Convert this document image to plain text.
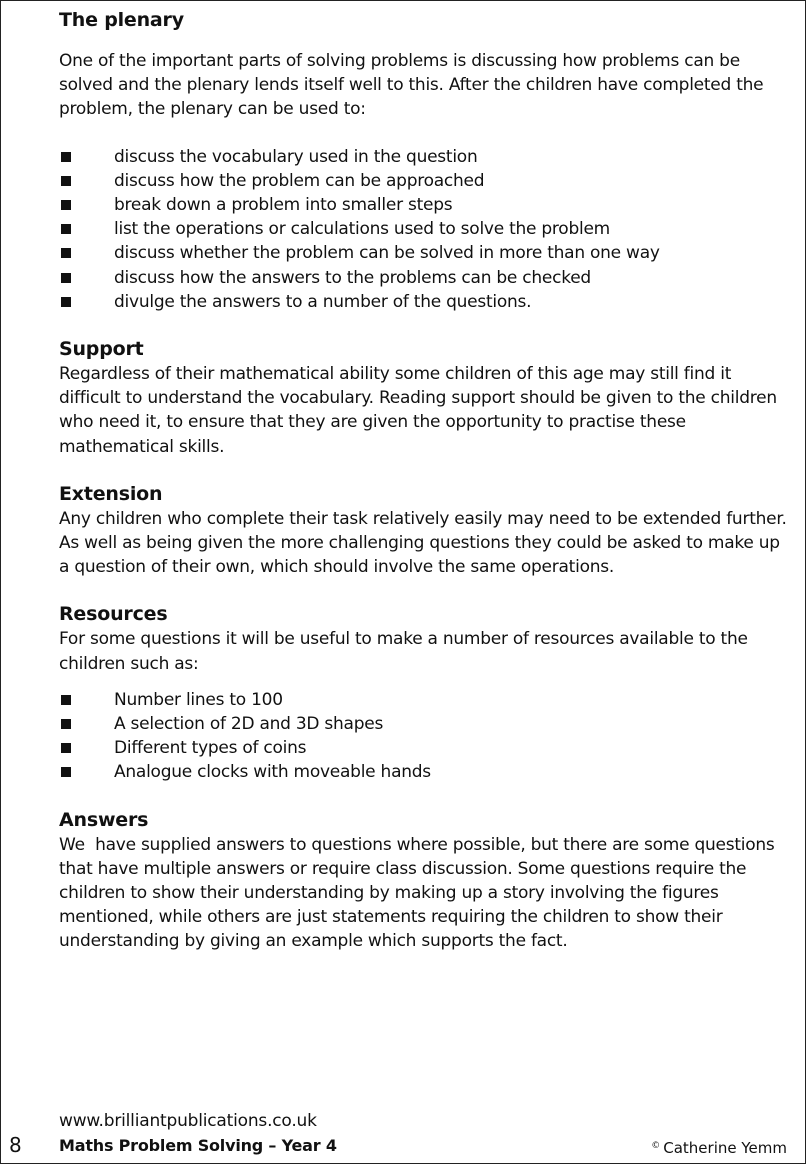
The plenary

One of the important parts of solving problems is discussing how problems can be solved and the plenary lends itself well to this. After the children have completed the problem, the plenary can be used to:

discuss the vocabulary used in the question
discuss how the problem can be approached
break down a problem into smaller steps
list the operations or calculations used to solve the problem
discuss whether the problem can be solved in more than one way
discuss how the answers to the problems can be checked
divulge the answers to a number of the questions.
Support

Regardless of their mathematical ability some children of this age may still find it difficult to understand the vocabulary. Reading support should be given to the children who need it, to ensure that they are given the opportunity to practise these mathematical skills.

Extension

Any children who complete their task relatively easily may need to be extended further. As well as being given the more challenging questions they could be asked to make up a question of their own, which should involve the same operations.

Resources

For some questions it will be useful to make a number of resources available to the children such as:

Number lines to 100
A selection of 2D and 3D shapes
Different types of coins
Analogue clocks with moveable hands
Answers

We  have supplied answers to questions where possible, but there are some questions that have multiple answers or require class discussion. Some questions require the children to show their understanding by making up a story involving the figures mentioned, while others are just statements requiring the children to show their understanding by giving an example which supports the fact.

www.brilliantpublications.co.uk
8 Maths Problem Solving – Year 4	© Catherine Yemm
